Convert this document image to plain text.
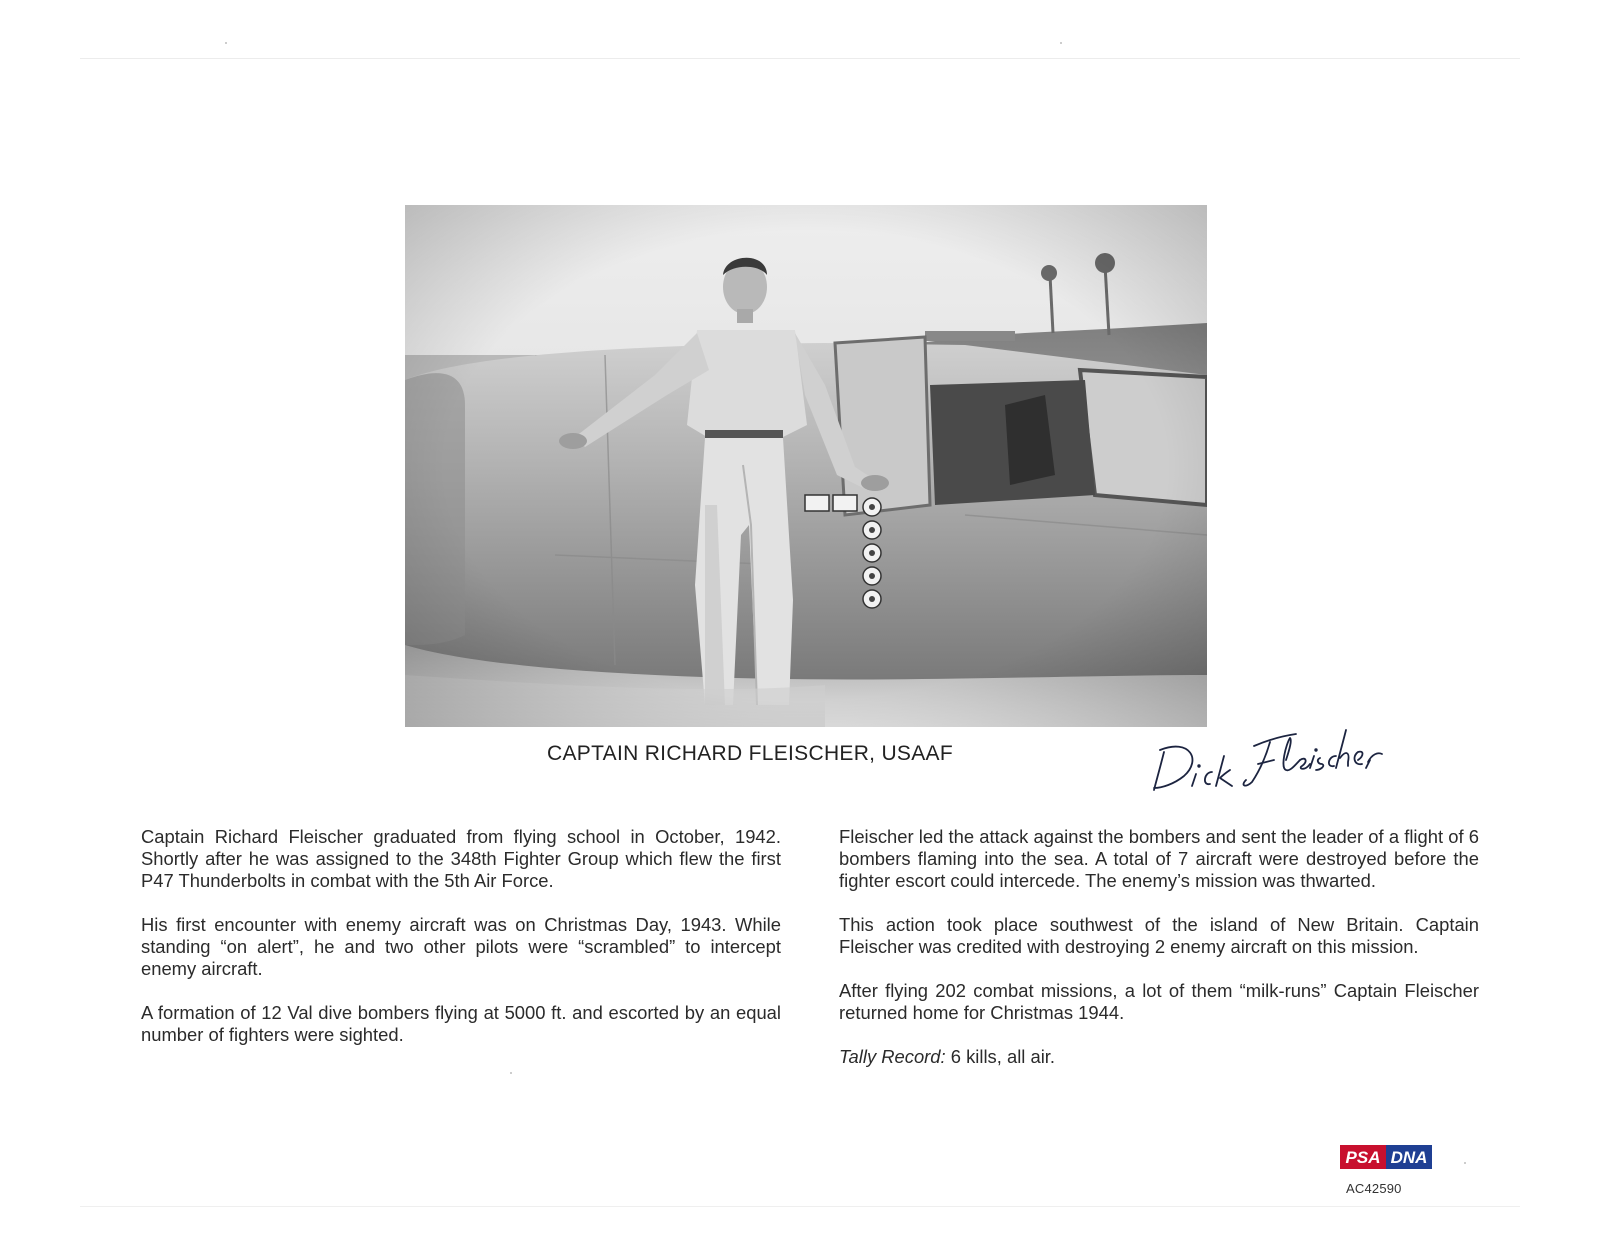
CAPTAIN RICHARD FLEISCHER, USAAF

Captain Richard Fleischer graduated from flying school in October, 1942. Shortly after he was assigned to the 348th Fighter Group which flew the first P47 Thunderbolts in combat with the 5th Air Force.

His first encounter with enemy aircraft was on Christmas Day, 1943. While standing “on alert”, he and two other pilots were “scrambled” to intercept enemy aircraft.

A formation of 12 Val dive bombers flying at 5000 ft. and escorted by an equal number of fighters were sighted.

Fleischer led the attack against the bombers and sent the leader of a flight of 6 bombers flaming into the sea. A total of 7 aircraft were destroyed before the fighter escort could intercede. The enemy’s mission was thwarted.

This action took place southwest of the island of New Britain. Captain Fleischer was credited with destroying 2 enemy aircraft on this mission.

After flying 202 combat missions, a lot of them “milk-runs” Captain Fleischer returned home for Christmas 1944.

Tally Record: 6 kills, all air.

PSA DNA
AC42590
